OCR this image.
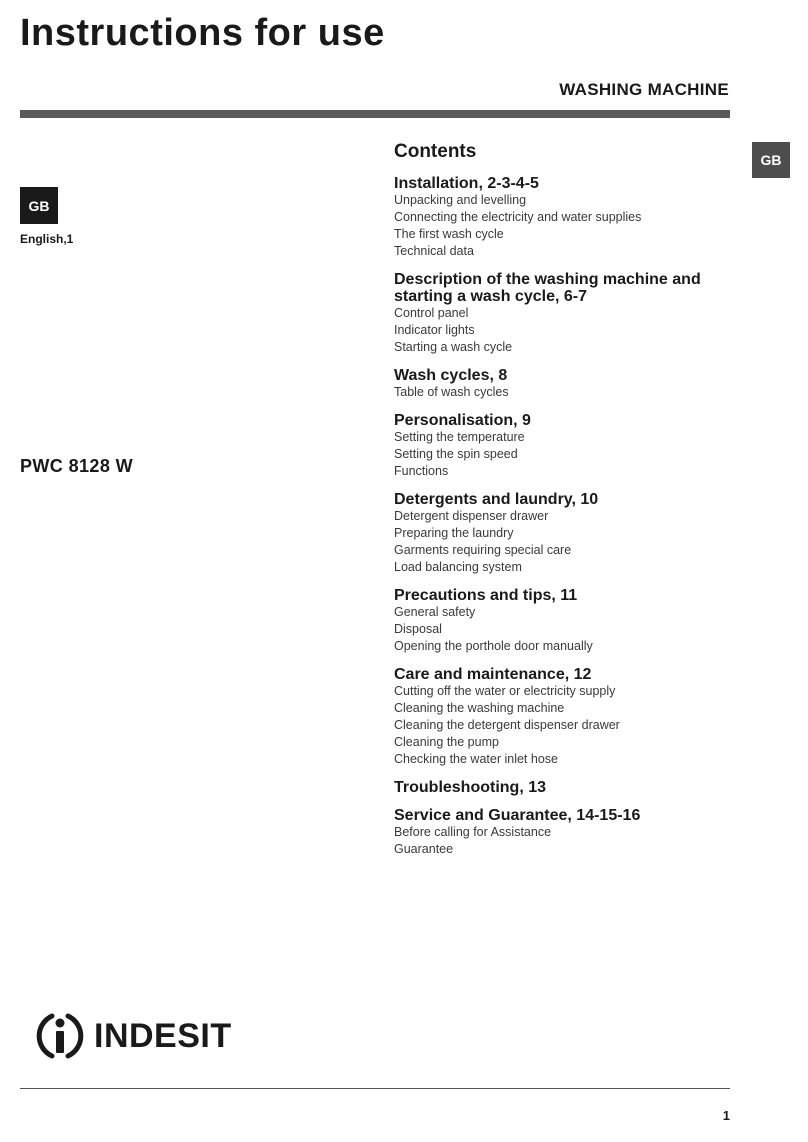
Instructions for use
WASHING MACHINE
GB
GB
English,1
PWC 8128 W
Contents
Installation, 2-3-4-5
Unpacking and levelling
Connecting the electricity and water supplies
The first wash cycle
Technical data
Description of the washing machine and starting a wash cycle, 6-7
Control panel
Indicator lights
Starting a wash cycle
Wash cycles, 8
Table of wash cycles
Personalisation, 9
Setting the temperature
Setting the spin speed
Functions
Detergents and laundry, 10
Detergent dispenser drawer
Preparing the laundry
Garments requiring special care
Load balancing system
Precautions and tips, 11
General safety
Disposal
Opening the porthole door manually
Care and maintenance, 12
Cutting off the water or electricity supply
Cleaning the washing machine
Cleaning the detergent dispenser drawer
Cleaning the pump
Checking the water inlet hose
Troubleshooting, 13
Service and Guarantee, 14-15-16
Before calling for Assistance
Guarantee
INDESIT
1
